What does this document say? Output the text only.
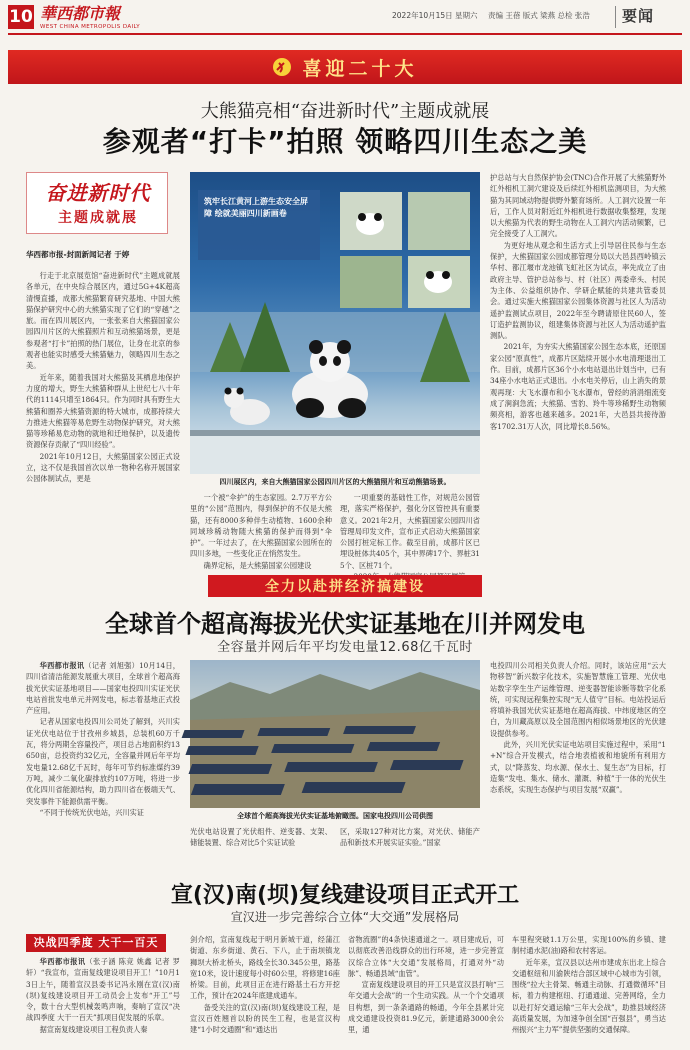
10 華西都市報
WEST CHINA METROPOLIS DAILY
2022年10月15日 星期六 责编 王蓓 版式 梁燕 总检 张浩 要闻
喜迎二十大
大熊猫亮相“奋进新时代”主题成就展
参观者“打卡”拍照 领略四川生态之美
奋进新时代
主题成就展
华西都市报-封面新闻记者 于婷

行走于北京展览馆“奋进新时代”主题成就展各单元，在中央综合展区内，通过5G+4K超高清慢直播，成都大熊猫繁育研究基地、中国大熊猫保护研究中心的大熊猫实现了它们的“穿越”之旅。而在四川展区内，一张张来自大熊猫国家公园四川片区的大熊猫照片和互动熊猫场景，更是参观者“打卡”拍照的热门展位，让身在北京的参观者也能实时感受大熊猫魅力，领略四川生态之美。

近年来，随着我国对大熊猫及其栖息地保护力度的增大，野生大熊猫种群从上世纪七八十年代的1114只增至1864只。作为同时具有野生大熊猫和圈养大熊猫资源的特大城市，成都持续大力推进大熊猫等易危野生动物保护研究，对大熊猫等珍稀易危动物的就地和迁地保护，以及遗传资源保存贡献了“四川经验”。

2021年10月12日，大熊猫国家公园正式设立，这不仅是我国首次以单一物种名称开展国家公园体制试点，更是

筑牢长江黄河上游生态安全屏障 绘就美丽四川新画卷
四川展区内，来自大熊猫国家公园四川片区的大熊猫照片和互动熊猫场景。

一个被“伞护”的生态家园。2.7万平方公里的“公园”范围内，得到保护的不仅是大熊猫，还有8000多种伴生动植物、1600余种同域珍稀动物随大熊猫的保护而得到“伞护”。一年过去了，在大熊猫国家公园所在的四川多地，一些变化正在悄然发生。

确界定标，是大熊猫国家公园建设

一项重要的基础性工作，对规范公园管理，落实严格保护，强化分区管控具有重要意义。2021年2月，大熊猫国家公园四川省管理局印发文件，宣布正式启动大熊猫国家公园打桩定标工作。截至目前，成都片区已埋设桩体共405个，其中界碑17个、界桩315个、区桩71个。

护总站与大自然保护协会(TNC)合作开展了大熊猫野外红外相机工洞穴建设及后续红外相机监测项目，为大熊猫为其同域动物提供野外繁育场所。人工洞穴设置一年后，工作人员对附近红外相机进行数据收集整理，发现以大熊猫为代表的野生动物在人工洞穴内活动频繁，已完全接受了人工洞穴。

为更好地从观念和生活方式上引导居住民参与生态保护，大熊猫国家公园成都管理分局以大邑县西岭镇云华村、都江堰市龙池镇飞虹社区为试点，率先成立了由政府主导、管护总站参与、村（社区）两委牵头、村民为主体、公益组织协作、学研企赋能的共建共管委员会。通过实施大熊猫国家公园集体资源与社区人为活动遥护监测试点项目，2022年至今聘请原住民60人，签订造护监测协议，组建集体资源与社区人为活动遥护监测队。

2021年，为夯实大熊猫国家公园生态本底，还原国家公园“原真性”，成都片区陆续开展小水电清理退出工作。目前，成都片区36个小水电站退出计划当中，已有34座小水电站正式退出。小水电关停后，山上消失的景观再现：大飞水瀑布和小飞水瀑布，曾经的消涓细流变成了涧涧急流；大熊猫、雪豹、羚牛等珍稀野生动物频频亮相，游客也越来越多。2021年，大邑县共接待游客1702.31万人次，同比增长8.56%。

全力以赴拼经济搞建设
全球首个超高海拔光伏实证基地在川并网发电
全容量并网后年平均发电量12.68亿千瓦时

华西都市报讯（记者 刘旭强）10月14日，四川省清洁能源发展重大项目，全球首个超高海拔光伏实证基地项目——国家电投四川实证光伏电站首批发电单元并网发电，标志着基地正式投产应用。

记者从国家电投四川公司处了解到，兴川实证光伏电站位于甘孜州乡城县，总装机60万千瓦，将分两期全容量投产，项目总占地面积约13650亩，总投资约32亿元，全容量并网后年平均发电量12.68亿千瓦时，每年可节约标准煤约39万吨，减少二氧化碳排放约107万吨，将进一步优化四川省能源结构，助力四川省在极端天气、突发事件下能源供需平衡。

“不同于传统光伏电站，兴川实证	全球首个超高海拔光伏实证基地俯瞰图。国家电投四川公司供图

光伏电站设置了光伏组件、逆变器、支架、储能装置、综合对比5个实证试验

区，采取127种对比方案，对光伏、储能产品和新技术开展实证实验。”国家

电投四川公司相关负责人介绍。同时，该站应用“云大物移智”新兴数字化技术，实施智慧施工管理、光伏电站数字孪生生产运维管理、逆变器智能诊断等数字化系统，可实现远程集控实现“无人值守”目标。电站投运后将填补我国光伏实证基地在超高海拔、中纬度地区的空白，为川藏高原以及全国范围内相似场景地区的光伏建设提供参考。

此外，兴川光伏实证电站项目实施过程中，采用“1+N”综合开发模式，结合地表植被和地貌所有利用方式，以“降蒸发、均水源、保水土、复生态”为目标，打造集“发电、集水、储水、灌溉、种植”于一体的光伏生态系统，实现生态保护与项目发展“双赢”。

宣(汉)南(坝)复线建设项目正式开工
宣汉进一步完善综合立体“大交通”发展格局
决战四季度 大干一百天

华西都市报讯（张子涵 陈竞 姚鑫 记者 罗轩）“我宣布，宣南复线建设项目开工！”10月13日上午，随着宣汉县委书记冯永刚在宣(汉)南(坝)复线建设项目开工动员会上发布“开工”号令，数十台大型机械轰鸣声响，奏响了宣汉“决战四季度 大干一百天”抓项目促发展的乐章。

据宣南复线建设项目工程负责人秦

剑介绍，宣南复线起于明月新城干道，经蒲江街道、东乡街道、黄石、下八，止于南坝镇龙狮坝大桥北桥头，路线全长30.345公里，路基宽10米，设计速度每小时60公里，将修建16座桥梁。目前，此项目正在进行路基土石方开挖工作，预计在2024年底建成通车。

备受关注的宣(汉)南(坝)复线建设工程，是宣汉百姓翘首以盼的民生工程，也是宣汉构建“1小时交通圈”和“通达出

省物流圈”的4条快速通道之一。项目建成后，可以彻底改善沿线群众的出行环境，进一步完善宣汉综合立体“大交通”发展格局，打通对外“动脉”、畅通县域“血管”。

宣南复线建设项目的开工只是宣汉县打响“三年交通大会战”的一个生动实践。从一个个交通项目构想，到一条条通路的畅通，今年全县累计完成交通建设投资81.9亿元，新建通路3000余公里，通

车里程突破1.1万公里，实现100%的乡镇、建制村通水泥(油)路和农村客运。

近年来，宣汉县以达州市建成东出北上综合交通枢纽和川渝陕结合部区域中心城市为引领，围绕“拉大主骨架、畅通主动脉、打通微循环”目标，着力构建枢纽、打通通道、完善网络，全力以赴打好交通运输“三年大会战”，助推县域经济高质量发展，为加速争创全国“百强县”，勇当达州振兴“主力军”提供坚强的交通保障。
